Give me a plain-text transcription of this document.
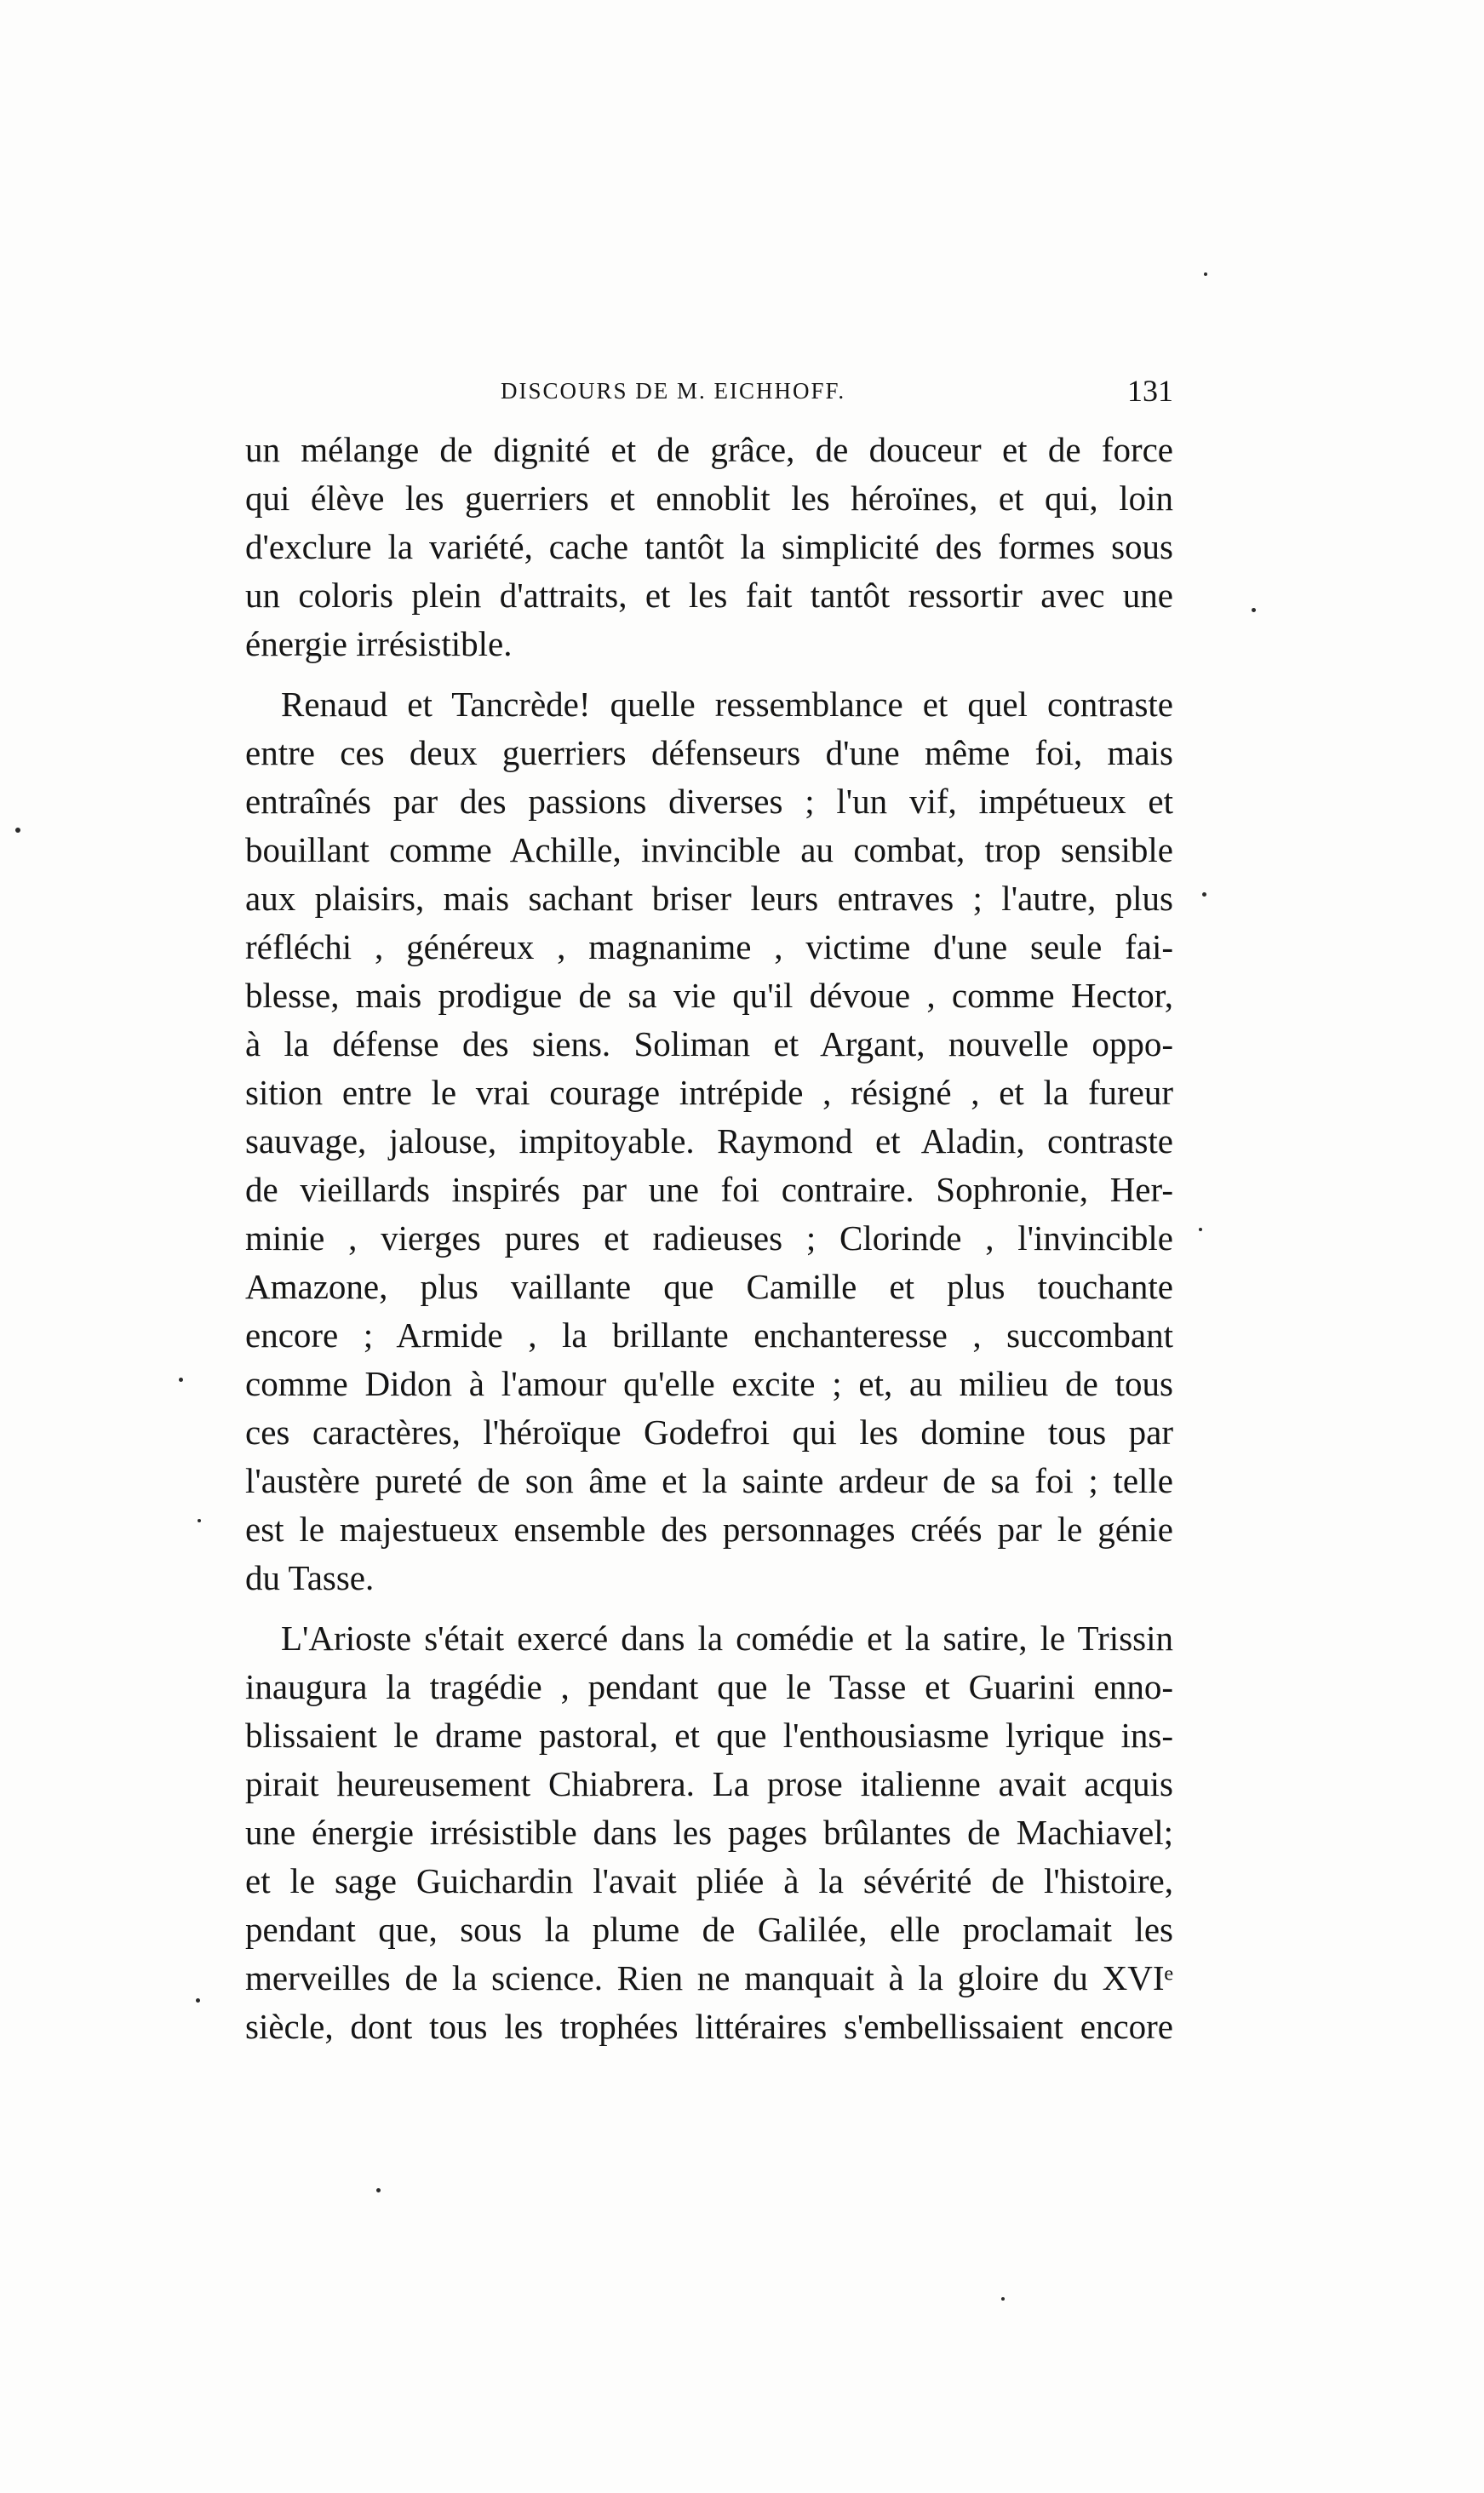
DISCOURS DE M. EICHHOFF.	131
un mélange de dignité et de grâce, de douceur et de force
qui élève les guerriers et ennoblit les héroïnes, et qui, loin
d'exclure la variété, cache tantôt la simplicité des formes sous
un coloris plein d'attraits, et les fait tantôt ressortir avec une
énergie irrésistible.
Renaud et Tancrède! quelle ressemblance et quel contraste
entre ces deux guerriers défenseurs d'une même foi, mais
entraînés par des passions diverses ; l'un vif, impétueux et
bouillant comme Achille, invincible au combat, trop sensible
aux plaisirs, mais sachant briser leurs entraves ; l'autre, plus
réfléchi , généreux , magnanime , victime d'une seule fai-
blesse, mais prodigue de sa vie qu'il dévoue , comme Hector,
à la défense des siens. Soliman et Argant, nouvelle oppo-
sition entre le vrai courage intrépide , résigné , et la fureur
sauvage, jalouse, impitoyable. Raymond et Aladin, contraste
de vieillards inspirés par une foi contraire. Sophronie, Her-
minie , vierges pures et radieuses ; Clorinde , l'invincible
Amazone, plus vaillante que Camille et plus touchante
encore ; Armide , la brillante enchanteresse , succombant
comme Didon à l'amour qu'elle excite ; et, au milieu de tous
ces caractères, l'héroïque Godefroi qui les domine tous par
l'austère pureté de son âme et la sainte ardeur de sa foi ; telle
est le majestueux ensemble des personnages créés par le génie
du Tasse.
L'Arioste s'était exercé dans la comédie et la satire, le Trissin
inaugura la tragédie , pendant que le Tasse et Guarini enno-
blissaient le drame pastoral, et que l'enthousiasme lyrique ins-
pirait heureusement Chiabrera. La prose italienne avait acquis
une énergie irrésistible dans les pages brûlantes de Machiavel;
et le sage Guichardin l'avait pliée à la sévérité de l'histoire,
pendant que, sous la plume de Galilée, elle proclamait les
merveilles de la science. Rien ne manquait à la gloire du XVIᵉ
siècle, dont tous les trophées littéraires s'embellissaient encore
